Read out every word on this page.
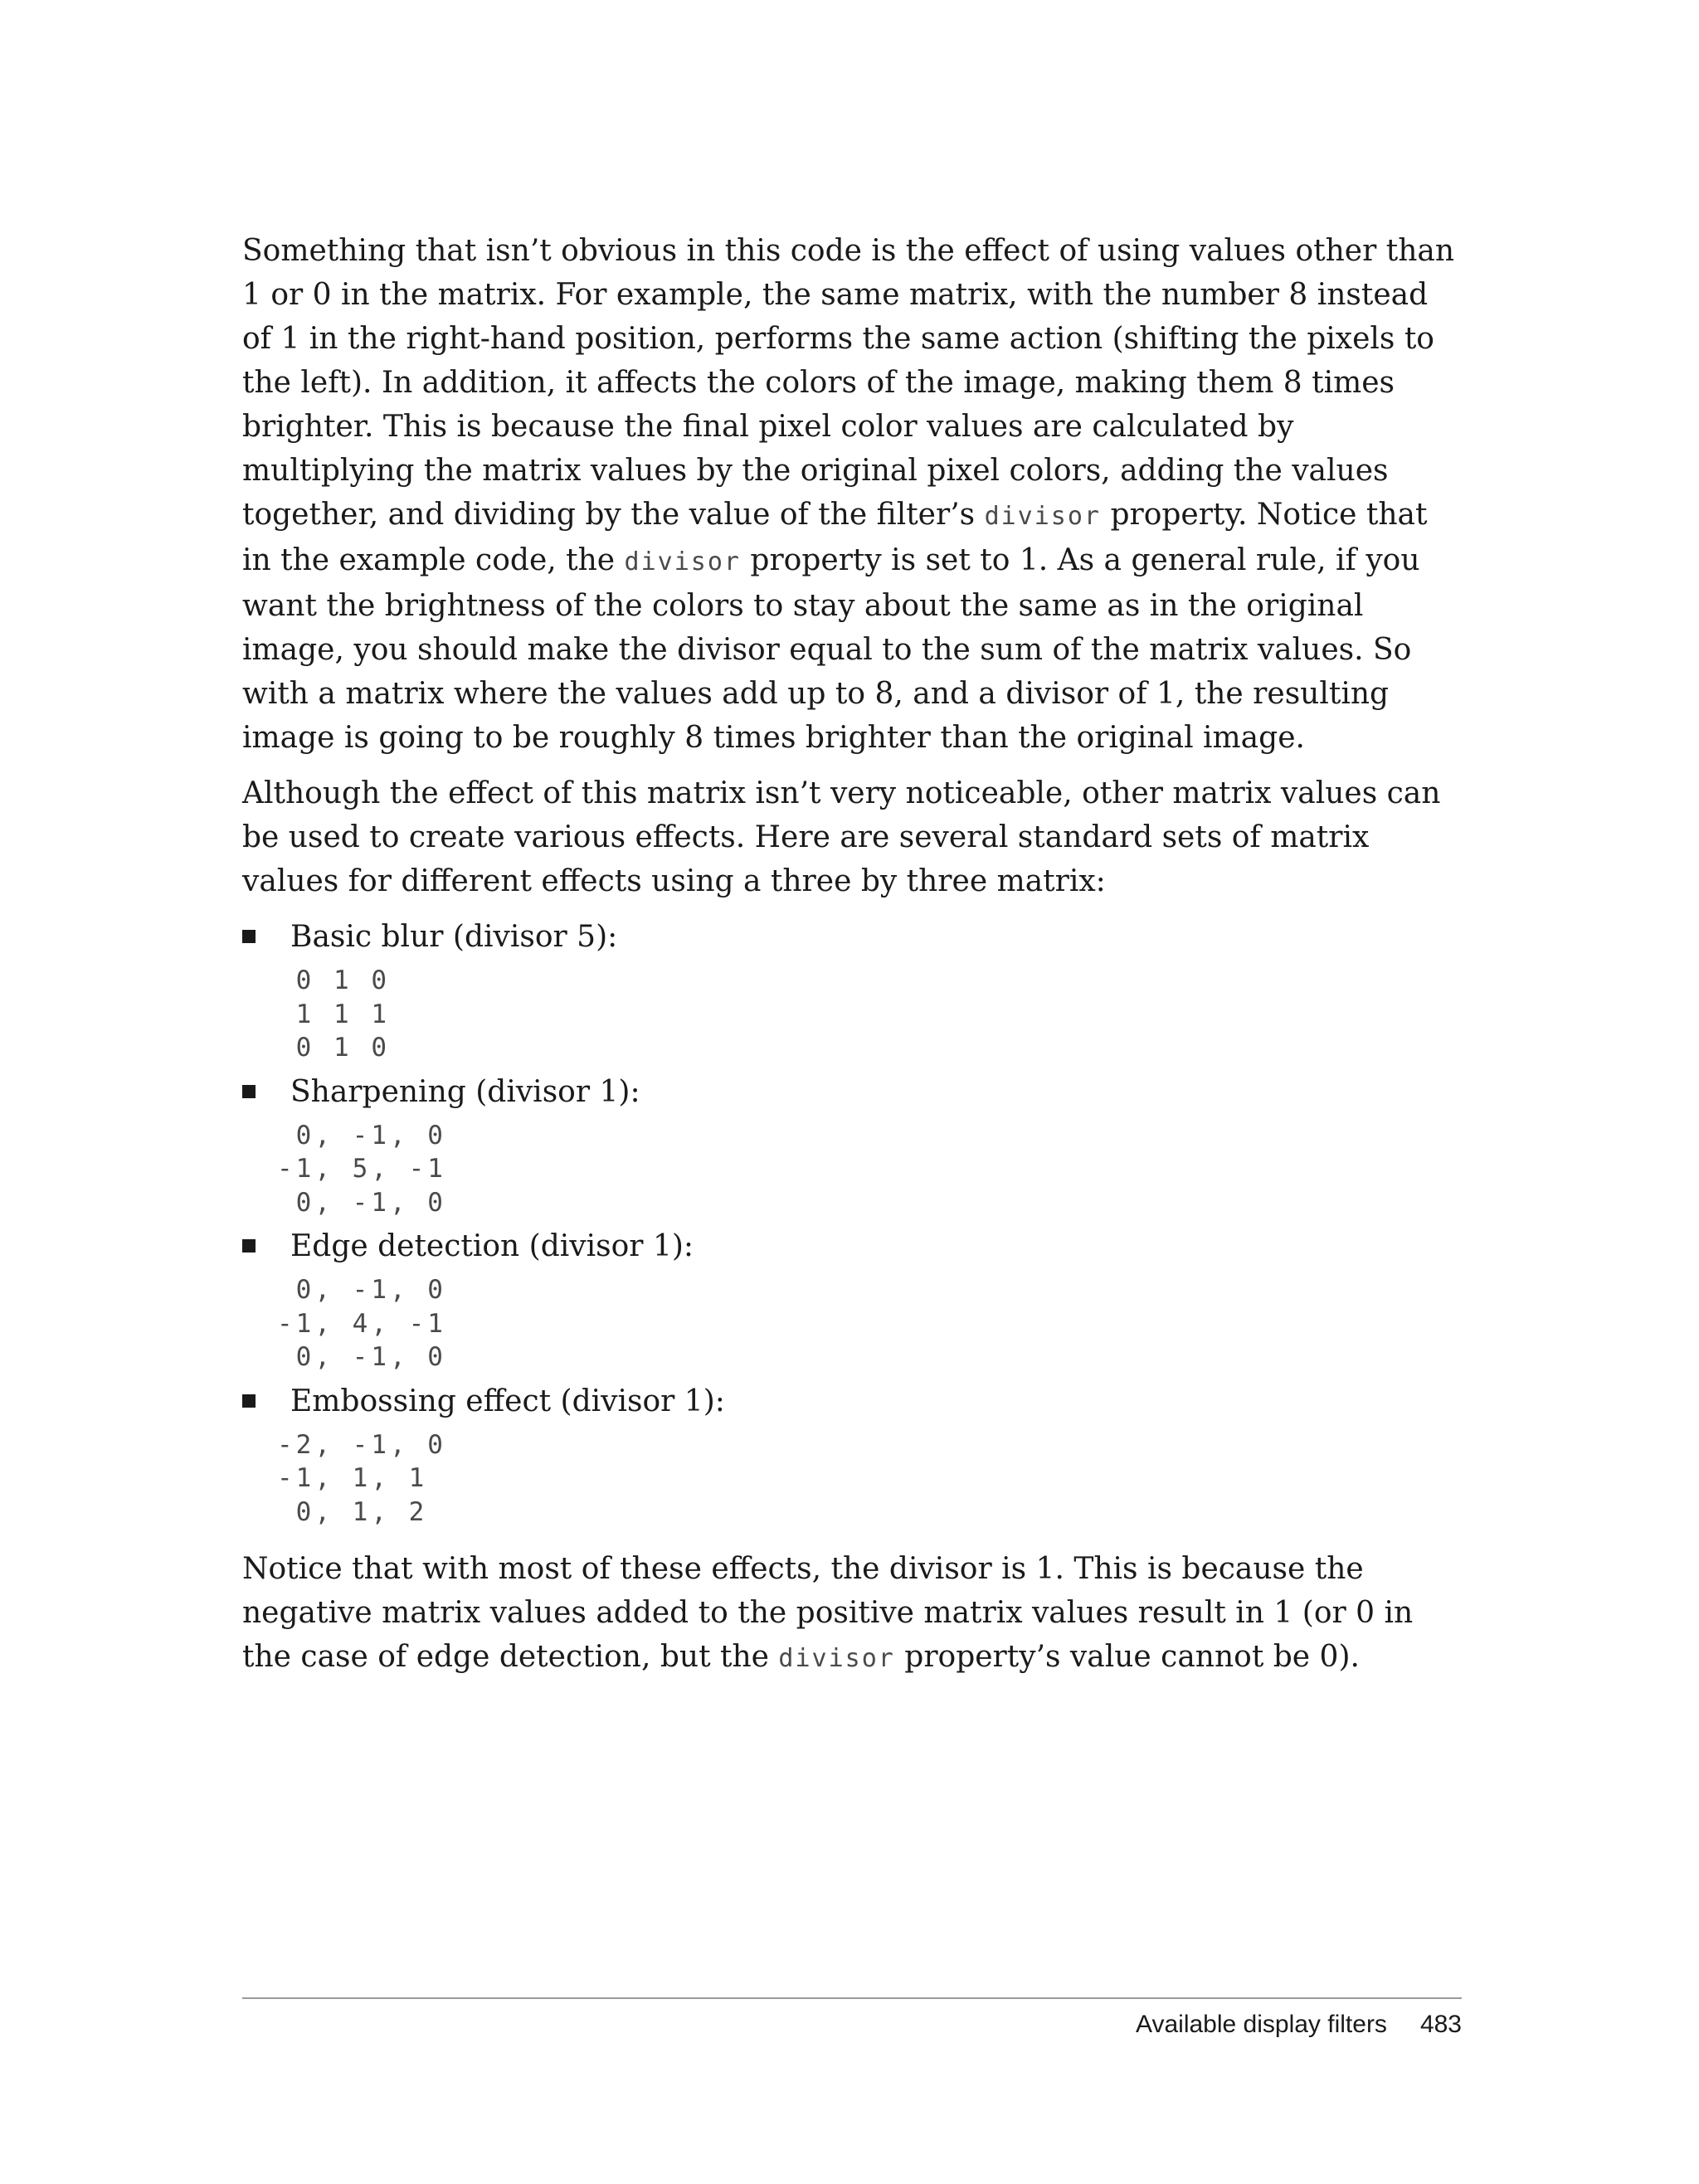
Something that isn’t obvious in this code is the effect of using values other than 1 or 0 in the matrix. For example, the same matrix, with the number 8 instead of 1 in the right-hand position, performs the same action (shifting the pixels to the left). In addition, it affects the colors of the image, making them 8 times brighter. This is because the final pixel color values are calculated by multiplying the matrix values by the original pixel colors, adding the values together, and dividing by the value of the filter’s divisor property. Notice that in the example code, the divisor property is set to 1. As a general rule, if you want the brightness of the colors to stay about the same as in the original image, you should make the divisor equal to the sum of the matrix values. So with a matrix where the values add up to 8, and a divisor of 1, the resulting image is going to be roughly 8 times brighter than the original image.

Although the effect of this matrix isn’t very noticeable, other matrix values can be used to create various effects. Here are several standard sets of matrix values for different effects using a three by three matrix:

Basic blur (divisor 5):
0 1 0
1 1 1
0 1 0
Sharpening (divisor 1):
0, -1, 0
-1, 5, -1
0, -1, 0
Edge detection (divisor 1):
0, -1, 0
-1, 4, -1
0, -1, 0
Embossing effect (divisor 1):
-2, -1, 0
-1, 1, 1
0, 1, 2

Notice that with most of these effects, the divisor is 1. This is because the negative matrix values added to the positive matrix values result in 1 (or 0 in the case of edge detection, but the divisor property’s value cannot be 0).

Available display filters 483
